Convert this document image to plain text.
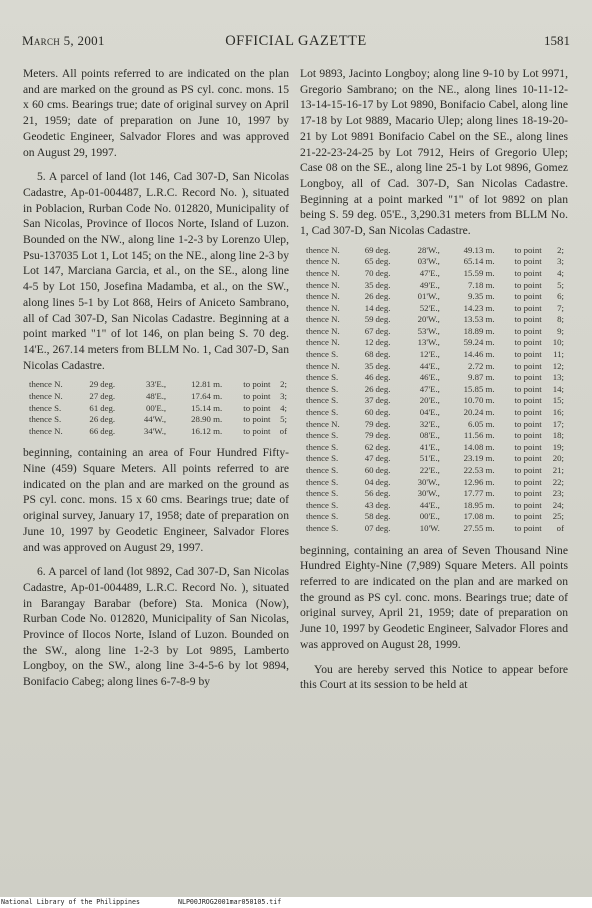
March 5, 2001	OFFICIAL GAZETTE	1581

Meters. All points referred to are indicated on the plan and are marked on the ground as PS cyl. conc. mons. 15 x 60 cms. Bearings true; date of original survey on April 21, 1959; date of preparation on June 10, 1997 by Geodetic Engineer, Salvador Flores and was approved on August 29, 1997.

5. A parcel of land (lot 146, Cad 307-D, San Nicolas Cadastre, Ap-01-004487, L.R.C. Record No. ), situated in Poblacion, Rurban Code No. 012820, Municipality of San Nicolas, Province of Ilocos Norte, Island of Luzon. Bounded on the NW., along line 1-2-3 by Lorenzo Ulep, Psu-137035 Lot 1, Lot 145; on the NE., along line 2-3 by Lot 147, Marciana Garcia, et al., on the SE., along line 4-5 by Lot 150, Josefina Madamba, et al., on the SW., along lines 5-1 by Lot 868, Heirs of Aniceto Sambrano, all of Cad 307-D, San Nicolas Cadastre. Beginning at a point marked "1" of lot 146, on plan being S. 70 deg. 14'E., 267.14 meters from BLLM No. 1, Cad 307-D, San Nicolas Cadastre.

thence N.	29	deg.	33'E.,	12.81 m.	to point	2;
thence N.	27	deg.	48'E.,	17.64 m.	to point	3;
thence S.	61	deg.	00'E.,	15.14 m.	to point	4;
thence S.	26	deg.	44'W.,	28.90 m.	to point	5;
thence N.	66	deg.	34'W.,	16.12 m.	to point	of

beginning, containing an area of Four Hundred Fifty-Nine (459) Square Meters. All points referred to are indicated on the plan and are marked on the ground as PS cyl. conc. mons. 15 x 60 cms. Bearings true; date of original survey, January 17, 1958; date of preparation on June 10, 1997 by Geodetic Engineer, Salvador Flores and was approved on August 29, 1997.

6. A parcel of land (lot 9892, Cad 307-D, San Nicolas Cadastre, Ap-01-004489, L.R.C. Record No. ), situated in Barangay Barabar (before) Sta. Monica (Now), Rurban Code No. 012820, Municipality of San Nicolas, Province of Ilocos Norte, Island of Luzon. Bounded on the SW., along line 1-2-3 by Lot 9895, Lamberto Longboy, on the SW., along line 3-4-5-6 by lot 9894, Bonifacio Cabeg; along lines 6-7-8-9 by

Lot 9893, Jacinto Longboy; along line 9-10 by Lot 9971, Gregorio Sambrano; on the NE., along lines 10-11-12-13-14-15-16-17 by Lot 9890, Bonifacio Cabel, along line 17-18 by Lot 9889, Macario Ulep; along lines 18-19-20-21 by Lot 9891 Bonifacio Cabel on the SE., along lines 21-22-23-24-25 by Lot 7912, Heirs of Gregorio Ulep; Case 08 on the SE., along line 25-1 by Lot 9896, Gomez Longboy, all of Cad. 307-D, San Nicolas Cadastre. Beginning at a point marked "1" of lot 9892 on plan being S. 59 deg. 05'E., 3,290.31 meters from BLLM No. 1, Cad 307-D, San Nicolas Cadastre.

thence N.	69	deg.	28'W.,	49.13 m.	to point	2;
thence N.	65	deg.	03'W.,	65.14 m.	to point	3;
thence N.	70	deg.	47'E.,	15.59 m.	to point	4;
thence N.	35	deg.	49'E.,	7.18 m.	to point	5;
thence N.	26	deg.	01'W.,	9.35 m.	to point	6;
thence N.	14	deg.	52'E.,	14.23 m.	to point	7;
thence N.	59	deg.	20'W.,	13.53 m.	to point	8;
thence N.	67	deg.	53'W.,	18.89 m.	to point	9;
thence N.	12	deg.	13'W.,	59.24 m.	to point	10;
thence S.	68	deg.	12'E.,	14.46 m.	to point	11;
thence N.	35	deg.	44'E.,	2.72 m.	to point	12;
thence S.	46	deg.	46'E.,	9.87 m.	to point	13;
thence S.	26	deg.	47'E.,	15.85 m.	to point	14;
thence S.	37	deg.	20'E.,	10.70 m.	to point	15;
thence S.	60	deg.	04'E.,	20.24 m.	to point	16;
thence N.	79	deg.	32'E.,	6.05 m.	to point	17;
thence S.	79	deg.	08'E.,	11.56 m.	to point	18;
thence S.	62	deg.	41'E.,	14.08 m.	to point	19;
thence S.	47	deg.	51'E.,	23.19 m.	to point	20;
thence S.	60	deg.	22'E.,	22.53 m.	to point	21;
thence S.	04	deg.	30'W.,	12.96 m.	to point	22;
thence S.	56	deg.	30'W.,	17.77 m.	to point	23;
thence S.	43	deg.	44'E.,	18.95 m.	to point	24;
thence S.	58	deg.	00'E.,	17.08 m.	to point	25;
thence S.	07	deg.	10'W.	27.55 m.	to point	of

beginning, containing an area of Seven Thousand Nine Hundred Eighty-Nine (7,989) Square Meters. All points referred to are indicated on the plan and are marked on the ground as PS cyl. conc. mons. Bearings true; date of original survey, April 21, 1959; date of preparation on June 10, 1997 by Geodetic Engineer, Salvador Flores and was approved on August 28, 1999.

You are hereby served this Notice to appear before this Court at its session to be held at

National Library of the Philippines	NLP00JROG2001mar050105.tif
